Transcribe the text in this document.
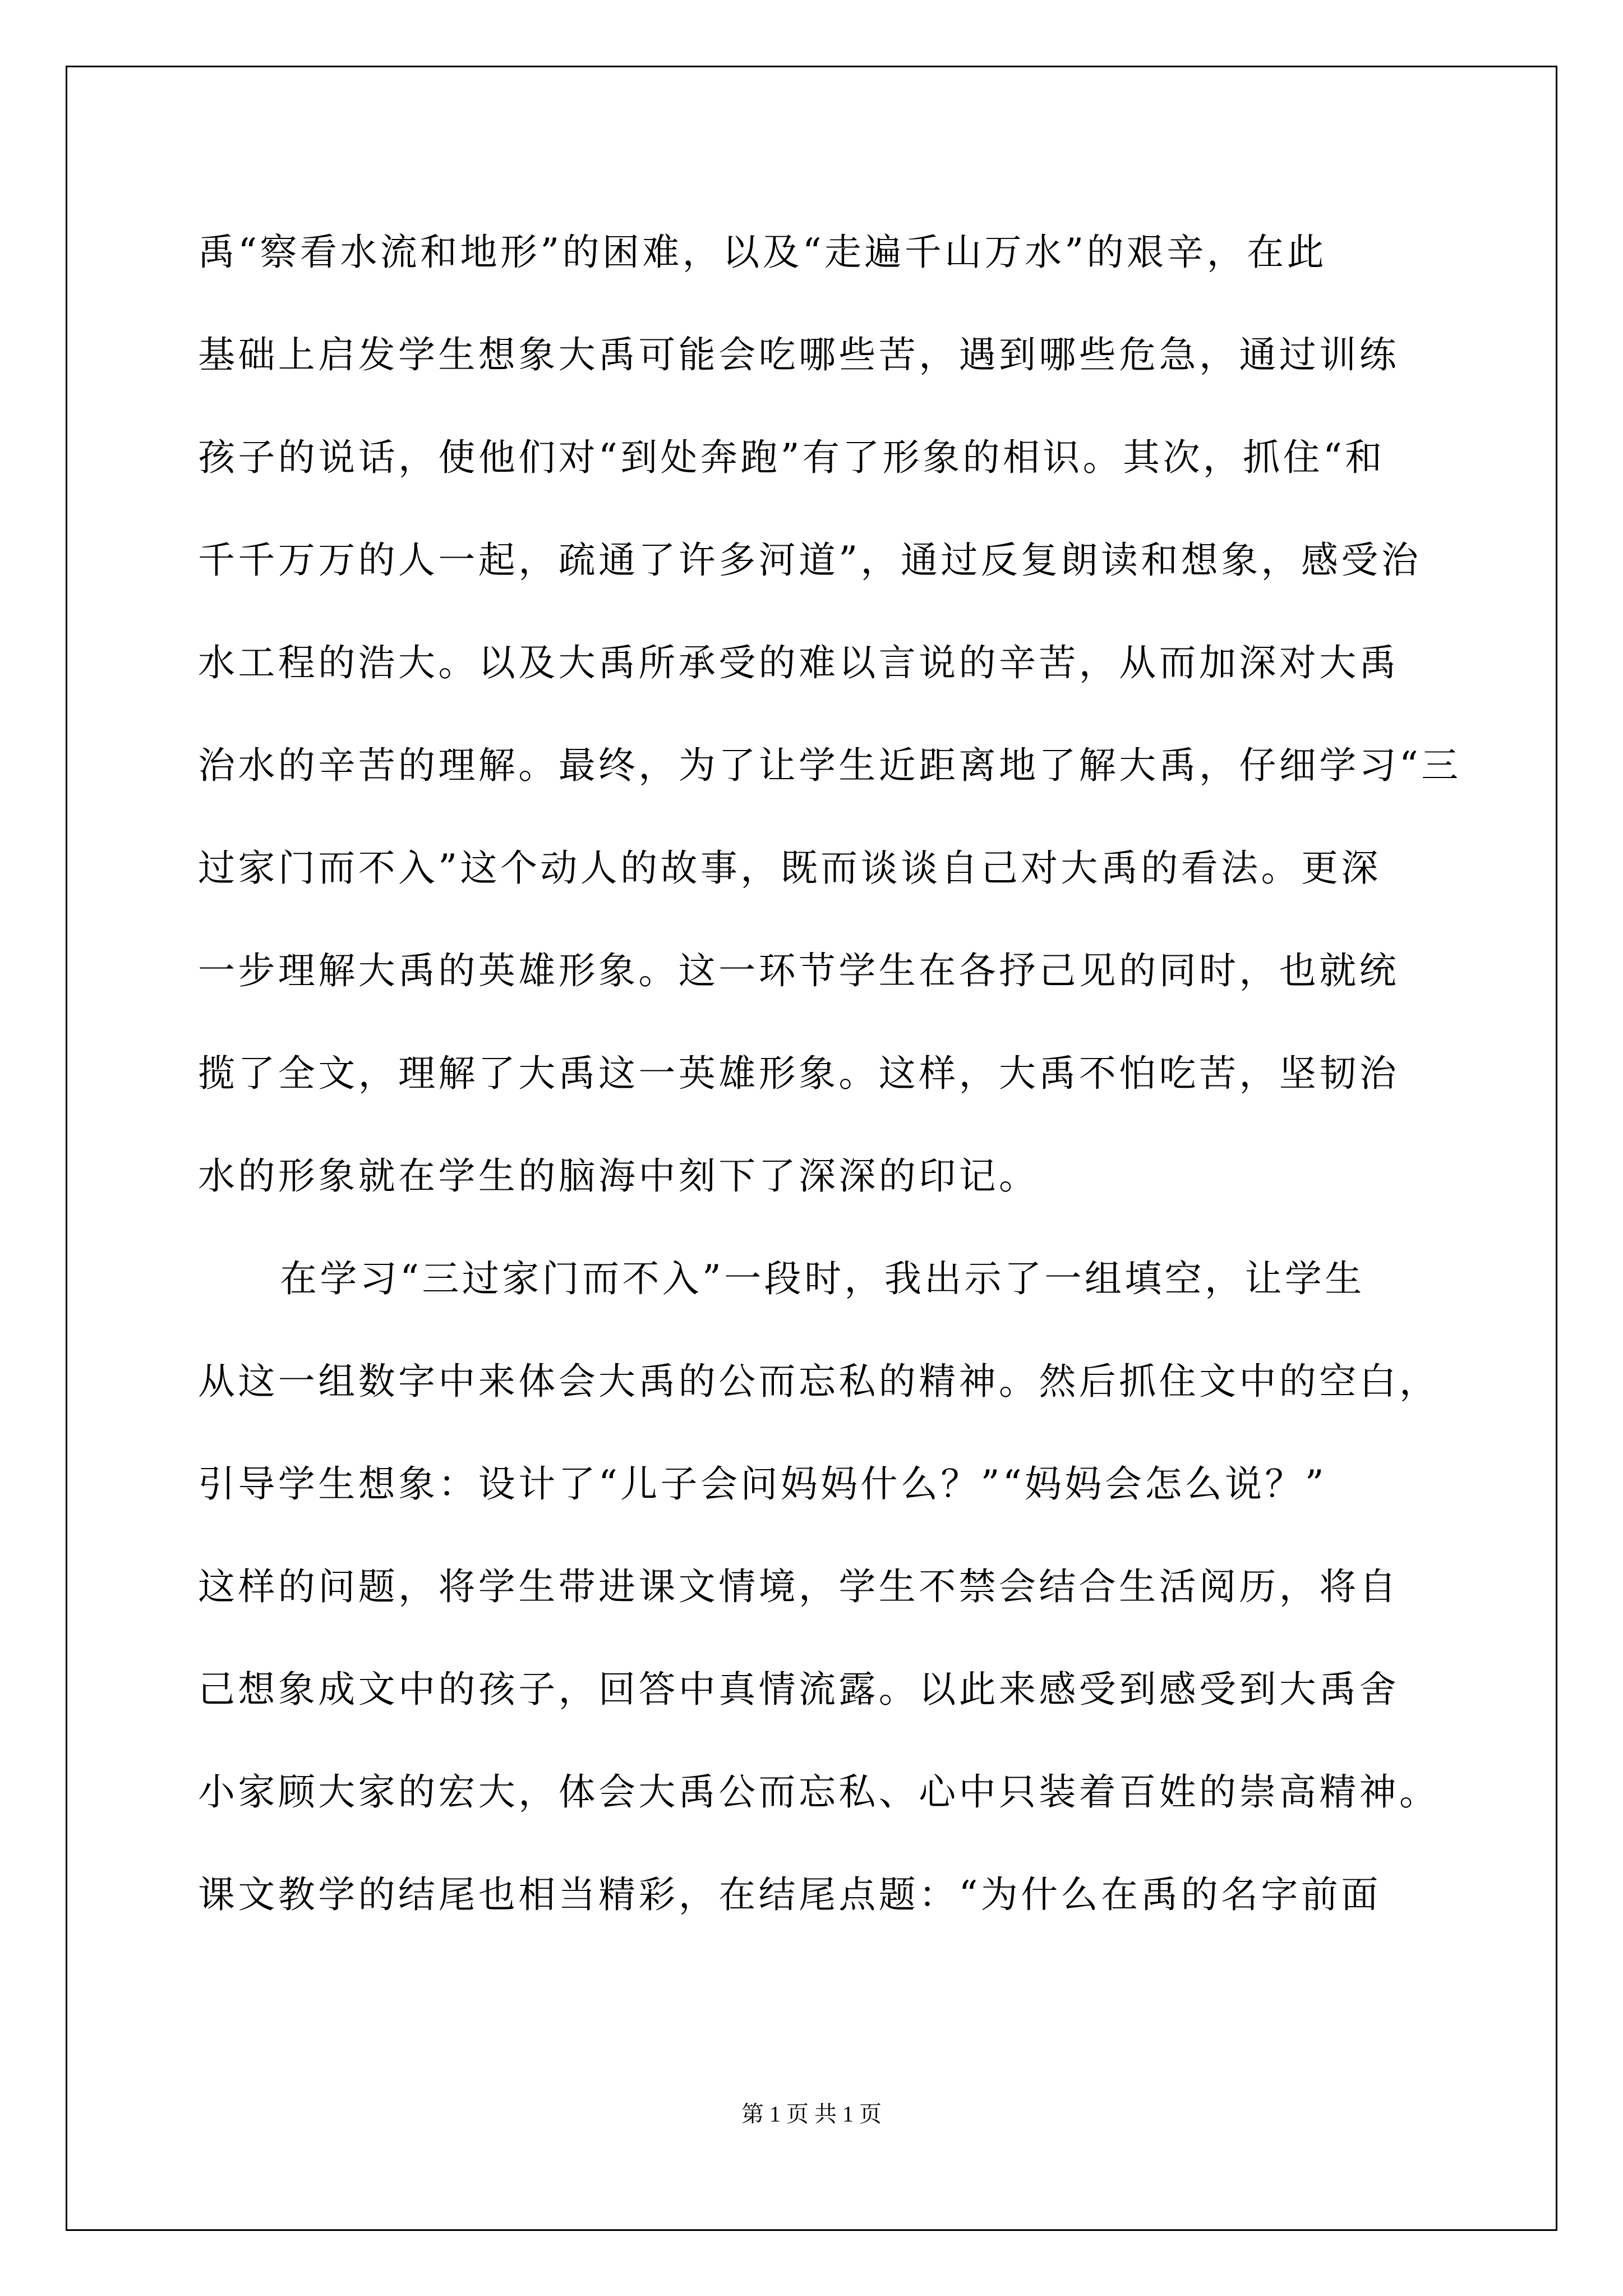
禹“察看水流和地形”的困难，以及“走遍千山万水”的艰辛，在此
基础上启发学生想象大禹可能会吃哪些苦，遇到哪些危急，通过训练
孩子的说话，使他们对“到处奔跑”有了形象的相识。其次，抓住“和
千千万万的人一起，疏通了许多河道”，通过反复朗读和想象，感受治
水工程的浩大。以及大禹所承受的难以言说的辛苦，从而加深对大禹
治水的辛苦的理解。最终，为了让学生近距离地了解大禹，仔细学习“三
过家门而不入”这个动人的故事，既而谈谈自己对大禹的看法。更深
一步理解大禹的英雄形象。这一环节学生在各抒己见的同时，也就统
揽了全文，理解了大禹这一英雄形象。这样，大禹不怕吃苦，坚韧治
水的形象就在学生的脑海中刻下了深深的印记。
在学习“三过家门而不入”一段时，我出示了一组填空，让学生
从这一组数字中来体会大禹的公而忘私的精神。然后抓住文中的空白，
引导学生想象：设计了“儿子会问妈妈什么？”“妈妈会怎么说？”
这样的问题，将学生带进课文情境，学生不禁会结合生活阅历，将自
己想象成文中的孩子，回答中真情流露。以此来感受到感受到大禹舍
小家顾大家的宏大，体会大禹公而忘私、心中只装着百姓的崇高精神。
课文教学的结尾也相当精彩，在结尾点题：“为什么在禹的名字前面
第 1 页 共 1 页
